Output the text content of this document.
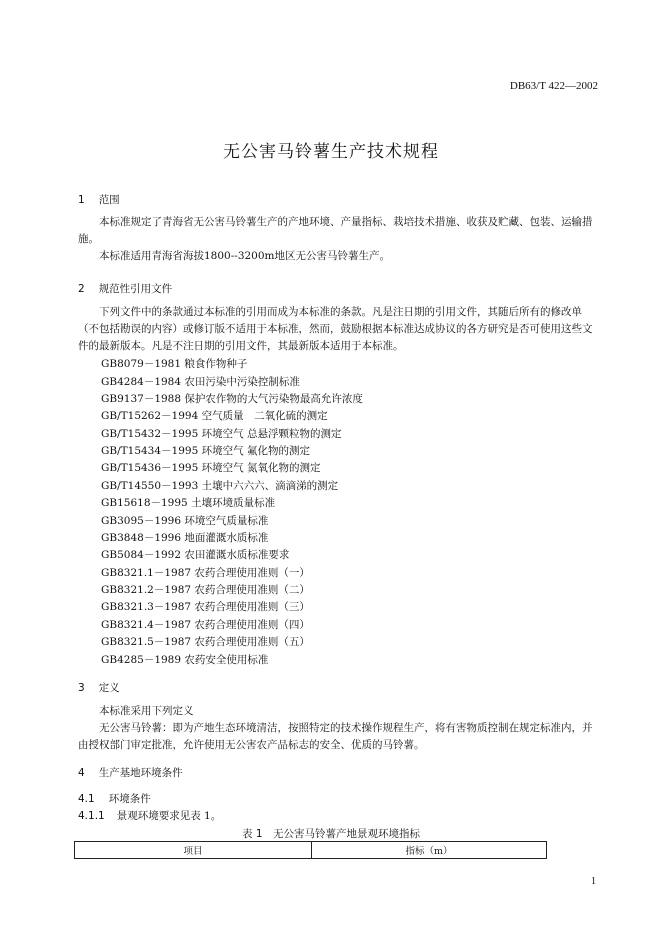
DB63/T 422—2002
无公害马铃薯生产技术规程
1 范围
本标准规定了青海省无公害马铃薯生产的产地环境、产量指标、栽培技术措施、收获及贮藏、包装、运输措施。
本标准适用青海省海拔1800--3200m地区无公害马铃薯生产。
2 规范性引用文件
下列文件中的条款通过本标准的引用而成为本标准的条款。凡是注日期的引用文件，其随后所有的修改单（不包括勘误的内容）或修订版不适用于本标准，然而，鼓励根据本标准达成协议的各方研究是否可使用这些文件的最新版本。凡是不注日期的引用文件，其最新版本适用于本标准。
GB8079－1981 粮食作物种子
GB4284－1984 农田污染中污染控制标准
GB9137－1988 保护农作物的大气污染物最高允许浓度
GB/T15262－1994 空气质量　二氧化硫的测定
GB/T15432－1995 环境空气 总悬浮颗粒物的测定
GB/T15434－1995 环境空气 氟化物的测定
GB/T15436－1995 环境空气 氮氧化物的测定
GB/T14550－1993 土壤中六六六、滴滴涕的测定
GB15618－1995 土壤环境质量标准
GB3095－1996 环境空气质量标准
GB3848－1996 地面灌溉水质标准
GB5084－1992 农田灌溉水质标准要求
GB8321.1－1987 农药合理使用准则（一）
GB8321.2－1987 农药合理使用准则（二）
GB8321.3－1987 农药合理使用准则（三）
GB8321.4－1987 农药合理使用准则（四）
GB8321.5－1987 农药合理使用准则（五）
GB4285－1989 农药安全使用标准
3 定义
本标准采用下列定义
无公害马铃薯：即为产地生态环境清洁，按照特定的技术操作规程生产，将有害物质控制在规定标准内，并由授权部门审定批准，允许使用无公害农产品标志的安全、优质的马铃薯。
4 生产基地环境条件
4.1 环境条件
4.1.1 景观环境要求见表 1。
表 1　无公害马铃薯产地景观环境指标
项目	指标（m）
1
